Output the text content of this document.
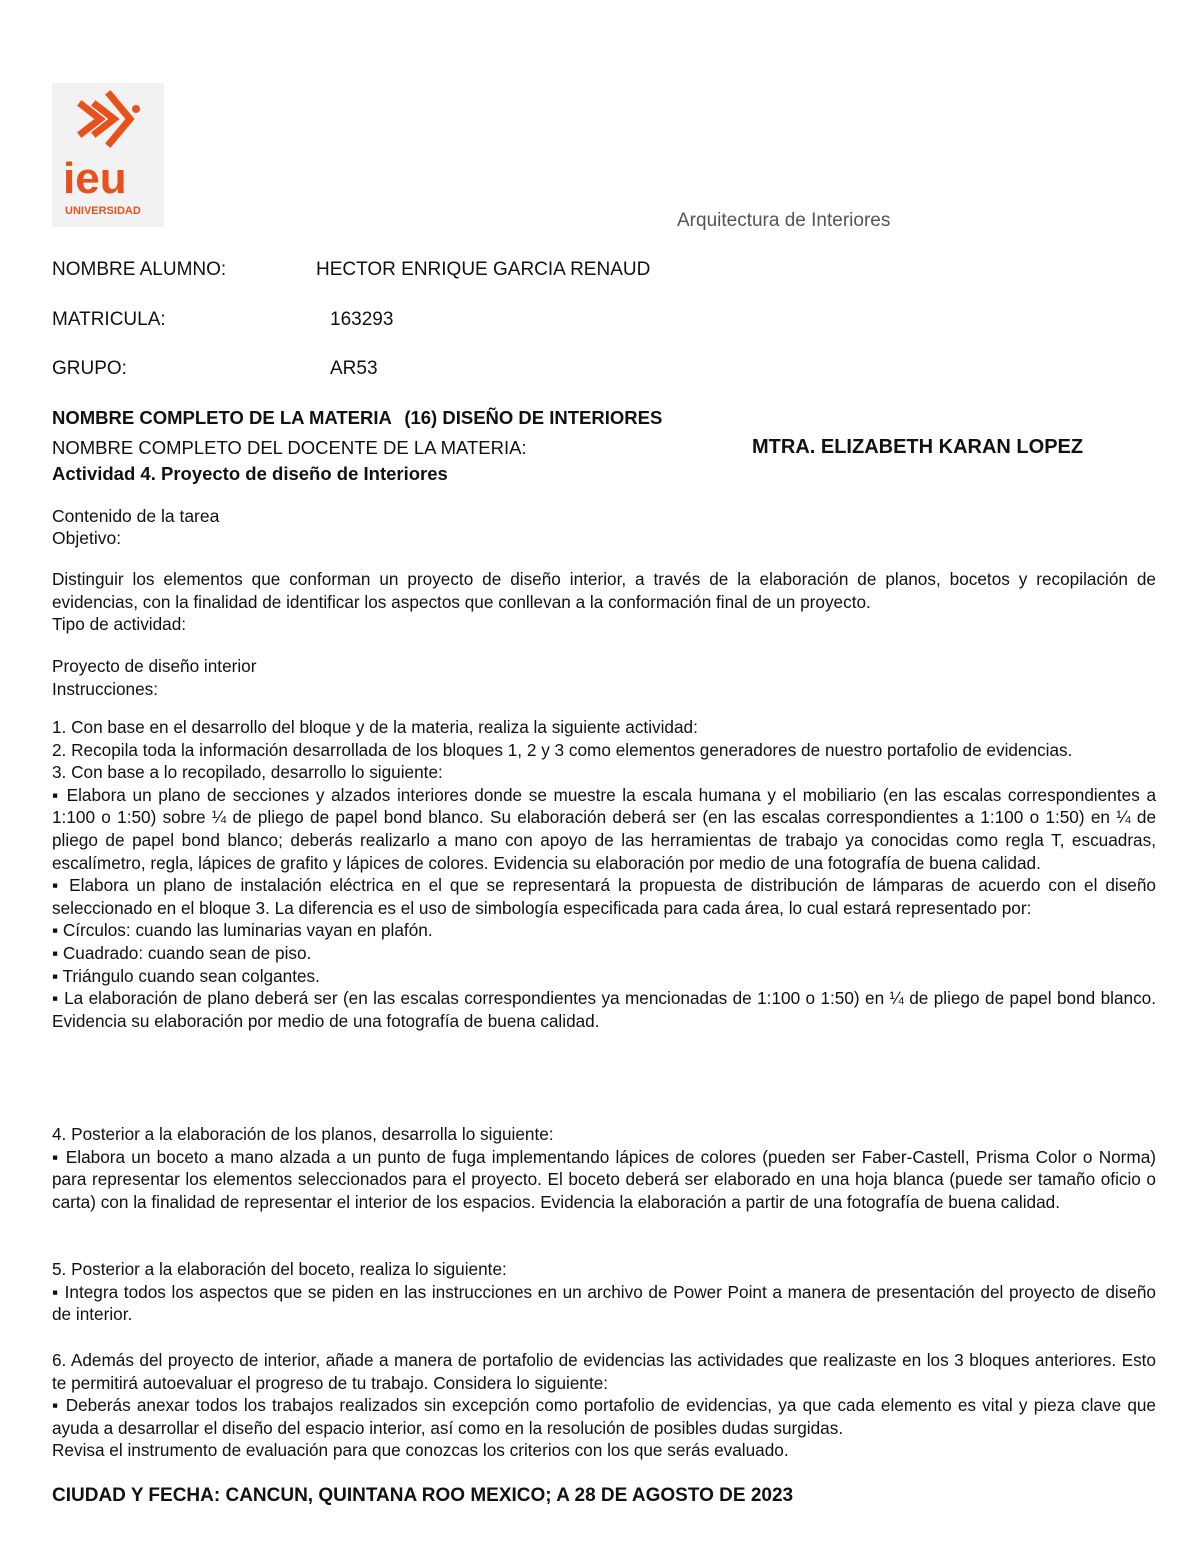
ieu
UNIVERSIDAD	Arquitectura de Interiores
NOMBRE ALUMNO:	HECTOR ENRIQUE GARCIA RENAUD
MATRICULA:	163293
GRUPO:	AR53
NOMBRE COMPLETO DE LA MATERIA (16) DISEÑO DE INTERIORES
NOMBRE COMPLETO DEL DOCENTE DE LA MATERIA:	MTRA. ELIZABETH KARAN LOPEZ
Actividad 4. Proyecto de diseño de Interiores
Contenido de la tarea
Objetivo:

Distinguir los elementos que conforman un proyecto de diseño interior, a través de la elaboración de planos, bocetos y recopilación de evidencias, con la finalidad de identificar los aspectos que conllevan a la conformación final de un proyecto.

Tipo de actividad:

Proyecto de diseño interior

Instrucciones:

1. Con base en el desarrollo del bloque y de la materia, realiza la siguiente actividad:

2. Recopila toda la información desarrollada de los bloques 1, 2 y 3 como elementos generadores de nuestro portafolio de evidencias.

3. Con base a lo recopilado, desarrollo lo siguiente:

▪ Elabora un plano de secciones y alzados interiores donde se muestre la escala humana y el mobiliario (en las escalas correspondientes a 1:100 o 1:50) sobre ¼ de pliego de papel bond blanco. Su elaboración deberá ser (en las escalas correspondientes a 1:100 o 1:50) en ¼ de pliego de papel bond blanco; deberás realizarlo a mano con apoyo de las herramientas de trabajo ya conocidas como regla T, escuadras, escalímetro, regla, lápices de grafito y lápices de colores. Evidencia su elaboración por medio de una fotografía de buena calidad.

▪ Elabora un plano de instalación eléctrica en el que se representará la propuesta de distribución de lámparas de acuerdo con el diseño seleccionado en el bloque 3. La diferencia es el uso de simbología especificada para cada área, lo cual estará representado por:

▪ Círculos: cuando las luminarias vayan en plafón.

▪ Cuadrado: cuando sean de piso.

▪ Triángulo cuando sean colgantes.

▪ La elaboración de plano deberá ser (en las escalas correspondientes ya mencionadas de 1:100 o 1:50) en ¼ de pliego de papel bond blanco. Evidencia su elaboración por medio de una fotografía de buena calidad.

4. Posterior a la elaboración de los planos, desarrolla lo siguiente:

▪ Elabora un boceto a mano alzada a un punto de fuga implementando lápices de colores (pueden ser Faber-Castell, Prisma Color o Norma) para representar los elementos seleccionados para el proyecto. El boceto deberá ser elaborado en una hoja blanca (puede ser tamaño oficio o carta) con la finalidad de representar el interior de los espacios. Evidencia la elaboración a partir de una fotografía de buena calidad.

5. Posterior a la elaboración del boceto, realiza lo siguiente:

▪ Integra todos los aspectos que se piden en las instrucciones en un archivo de Power Point a manera de presentación del proyecto de diseño de interior.

6. Además del proyecto de interior, añade a manera de portafolio de evidencias las actividades que realizaste en los 3 bloques anteriores. Esto te permitirá autoevaluar el progreso de tu trabajo. Considera lo siguiente:

▪ Deberás anexar todos los trabajos realizados sin excepción como portafolio de evidencias, ya que cada elemento es vital y pieza clave que ayuda a desarrollar el diseño del espacio interior, así como en la resolución de posibles dudas surgidas.

Revisa el instrumento de evaluación para que conozcas los criterios con los que serás evaluado.

CIUDAD Y FECHA: CANCUN, QUINTANA ROO MEXICO; A 28 DE AGOSTO DE 2023
